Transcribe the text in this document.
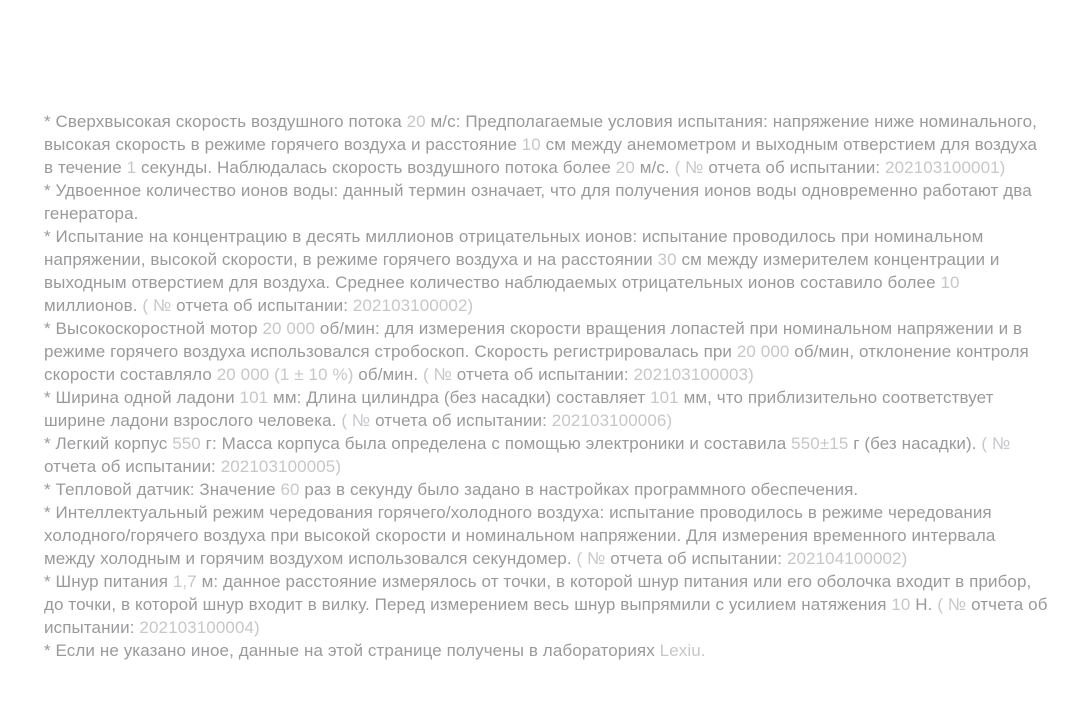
* Сверхвысокая скорость воздушного потока 20 м/с: Предполагаемые условия испытания: напряжение ниже номинального, высокая скорость в режиме горячего воздуха и расстояние 10 см между анемометром и выходным отверстием для воздуха в течение 1 секунды. Наблюдалась скорость воздушного потока более 20 м/с. ( № отчета об испытании: 202103100001)

* Удвоенное количество ионов воды: данный термин означает, что для получения ионов воды одновременно работают два генератора.

* Испытание на концентрацию в десять миллионов отрицательных ионов: испытание проводилось при номинальном напряжении, высокой скорости, в режиме горячего воздуха и на расстоянии 30 см между измерителем концентрации и выходным отверстием для воздуха. Среднее количество наблюдаемых отрицательных ионов составило более 10 миллионов. ( № отчета об испытании: 202103100002)

* Высокоскоростной мотор 20 000 об/мин: для измерения скорости вращения лопастей при номинальном напряжении и в режиме горячего воздуха использовался стробоскоп. Скорость регистрировалась при 20 000 об/мин, отклонение контроля скорости составляло 20 000 (1 ± 10 %) об/мин. ( № отчета об испытании: 202103100003)

* Ширина одной ладони 101 мм: Длина цилиндра (без насадки) составляет 101 мм, что приблизительно соответствует ширине ладони взрослого человека. ( № отчета об испытании: 202103100006)

* Легкий корпус 550 г: Масса корпуса была определена с помощью электроники и составила 550±15 г (без насадки). ( № отчета об испытании: 202103100005)

* Тепловой датчик: Значение 60 раз в секунду было задано в настройках программного обеспечения.

* Интеллектуальный режим чередования горячего/холодного воздуха: испытание проводилось в режиме чередования холодного/горячего воздуха при высокой скорости и номинальном напряжении. Для измерения временного интервала между холодным и горячим воздухом использовался секундомер. ( № отчета об испытании: 202104100002)

* Шнур питания 1,7 м: данное расстояние измерялось от точки, в которой шнур питания или его оболочка входит в прибор, до точки, в которой шнур входит в вилку. Перед измерением весь шнур выпрямили с усилием натяжения 10 Н. ( № отчета об испытании: 202103100004)

* Если не указано иное, данные на этой странице получены в лабораториях Lexiu.
